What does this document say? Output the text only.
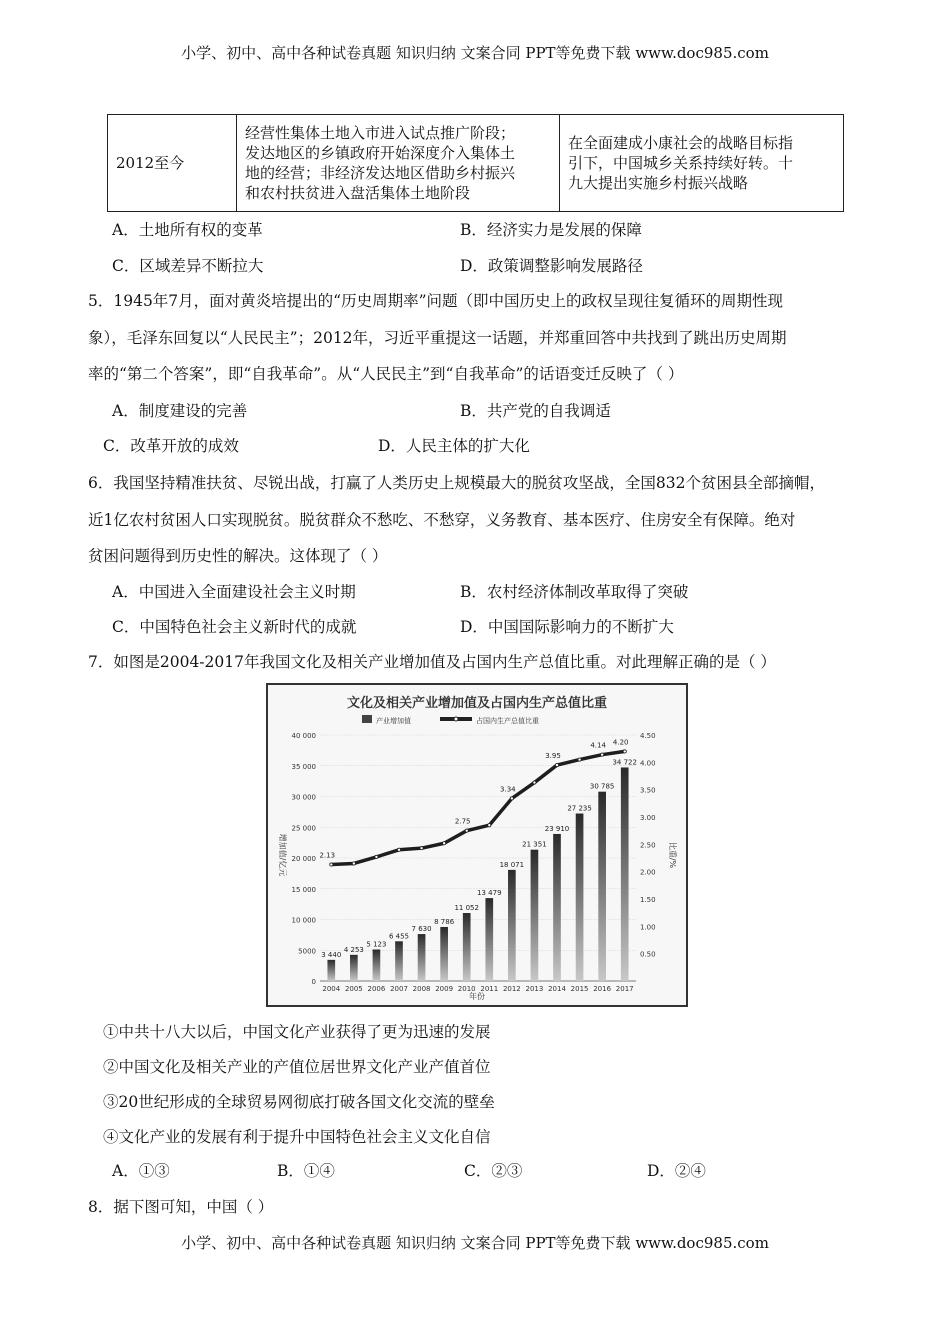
小学、初中、高中各种试卷真题 知识归纳 文案合同 PPT等免费下载 www.doc985.com
2012至今	经营性集体土地入市进入试点推广阶段；
发达地区的乡镇政府开始深度介入集体土
地的经营；非经济发达地区借助乡村振兴
和农村扶贫进入盘活集体土地阶段	在全面建成小康社会的战略目标指
引下，中国城乡关系持续好转。十
九大提出实施乡村振兴战略
A．土地所有权的变革	B．经济实力是发展的保障
C．区域差异不断拉大	D．政策调整影响发展路径
5．1945年7月，面对黄炎培提出的“历史周期率”问题（即中国历史上的政权呈现往复循环的周期性现
象），毛泽东回复以“人民民主”；2012年，习近平重提这一话题，并郑重回答中共找到了跳出历史周期
率的“第二个答案”，即“自我革命”。从“人民民主”到“自我革命”的话语变迁反映了（ ）
A．制度建设的完善	B．共产党的自我调适
C．改革开放的成效	D．人民主体的扩大化
6．我国坚持精准扶贫、尽锐出战，打赢了人类历史上规模最大的脱贫攻坚战，全国832个贫困县全部摘帽，
近1亿农村贫困人口实现脱贫。脱贫群众不愁吃、不愁穿，义务教育、基本医疗、住房安全有保障。绝对
贫困问题得到历史性的解决。这体现了（ ）
A．中国进入全面建设社会主义时期	B．农村经济体制改革取得了突破
C．中国特色社会主义新时代的成就	D．中国国际影响力的不断扩大
7．如图是2004-2017年我国文化及相关产业增加值及占国内生产总值比重。对此理解正确的是（ ）
文化及相关产业增加值及占国内生产总值比重
产业增加值	占国内生产总值比重
增加值/亿元	比重/%
年份
0
5000
10 000
15 000
20 000
25 000
30 000
35 000
40 000
0.50
1.00
1.50
2.00
2.50
3.00
3.50
4.00
4.50
3 440
2004
4 253
2005
5 123
2006
6 455
2007
7 630
2008
8 786
2009
11 052
2010
13 479
2011
18 071
2012
21 351
2013
23 910
2014
27 235
2015
30 785
2016
34 722
2017
2.13
2.75
3.34
3.95
4.14 4.20
①中共十八大以后，中国文化产业获得了更为迅速的发展
②中国文化及相关产业的产值位居世界文化产业产值首位
③20世纪形成的全球贸易网彻底打破各国文化交流的壁垒
④文化产业的发展有利于提升中国特色社会主义文化自信
A．①③	B．①④	C．②③	D．②④
8．据下图可知，中国（ ）
小学、初中、高中各种试卷真题 知识归纳 文案合同 PPT等免费下载 www.doc985.com
